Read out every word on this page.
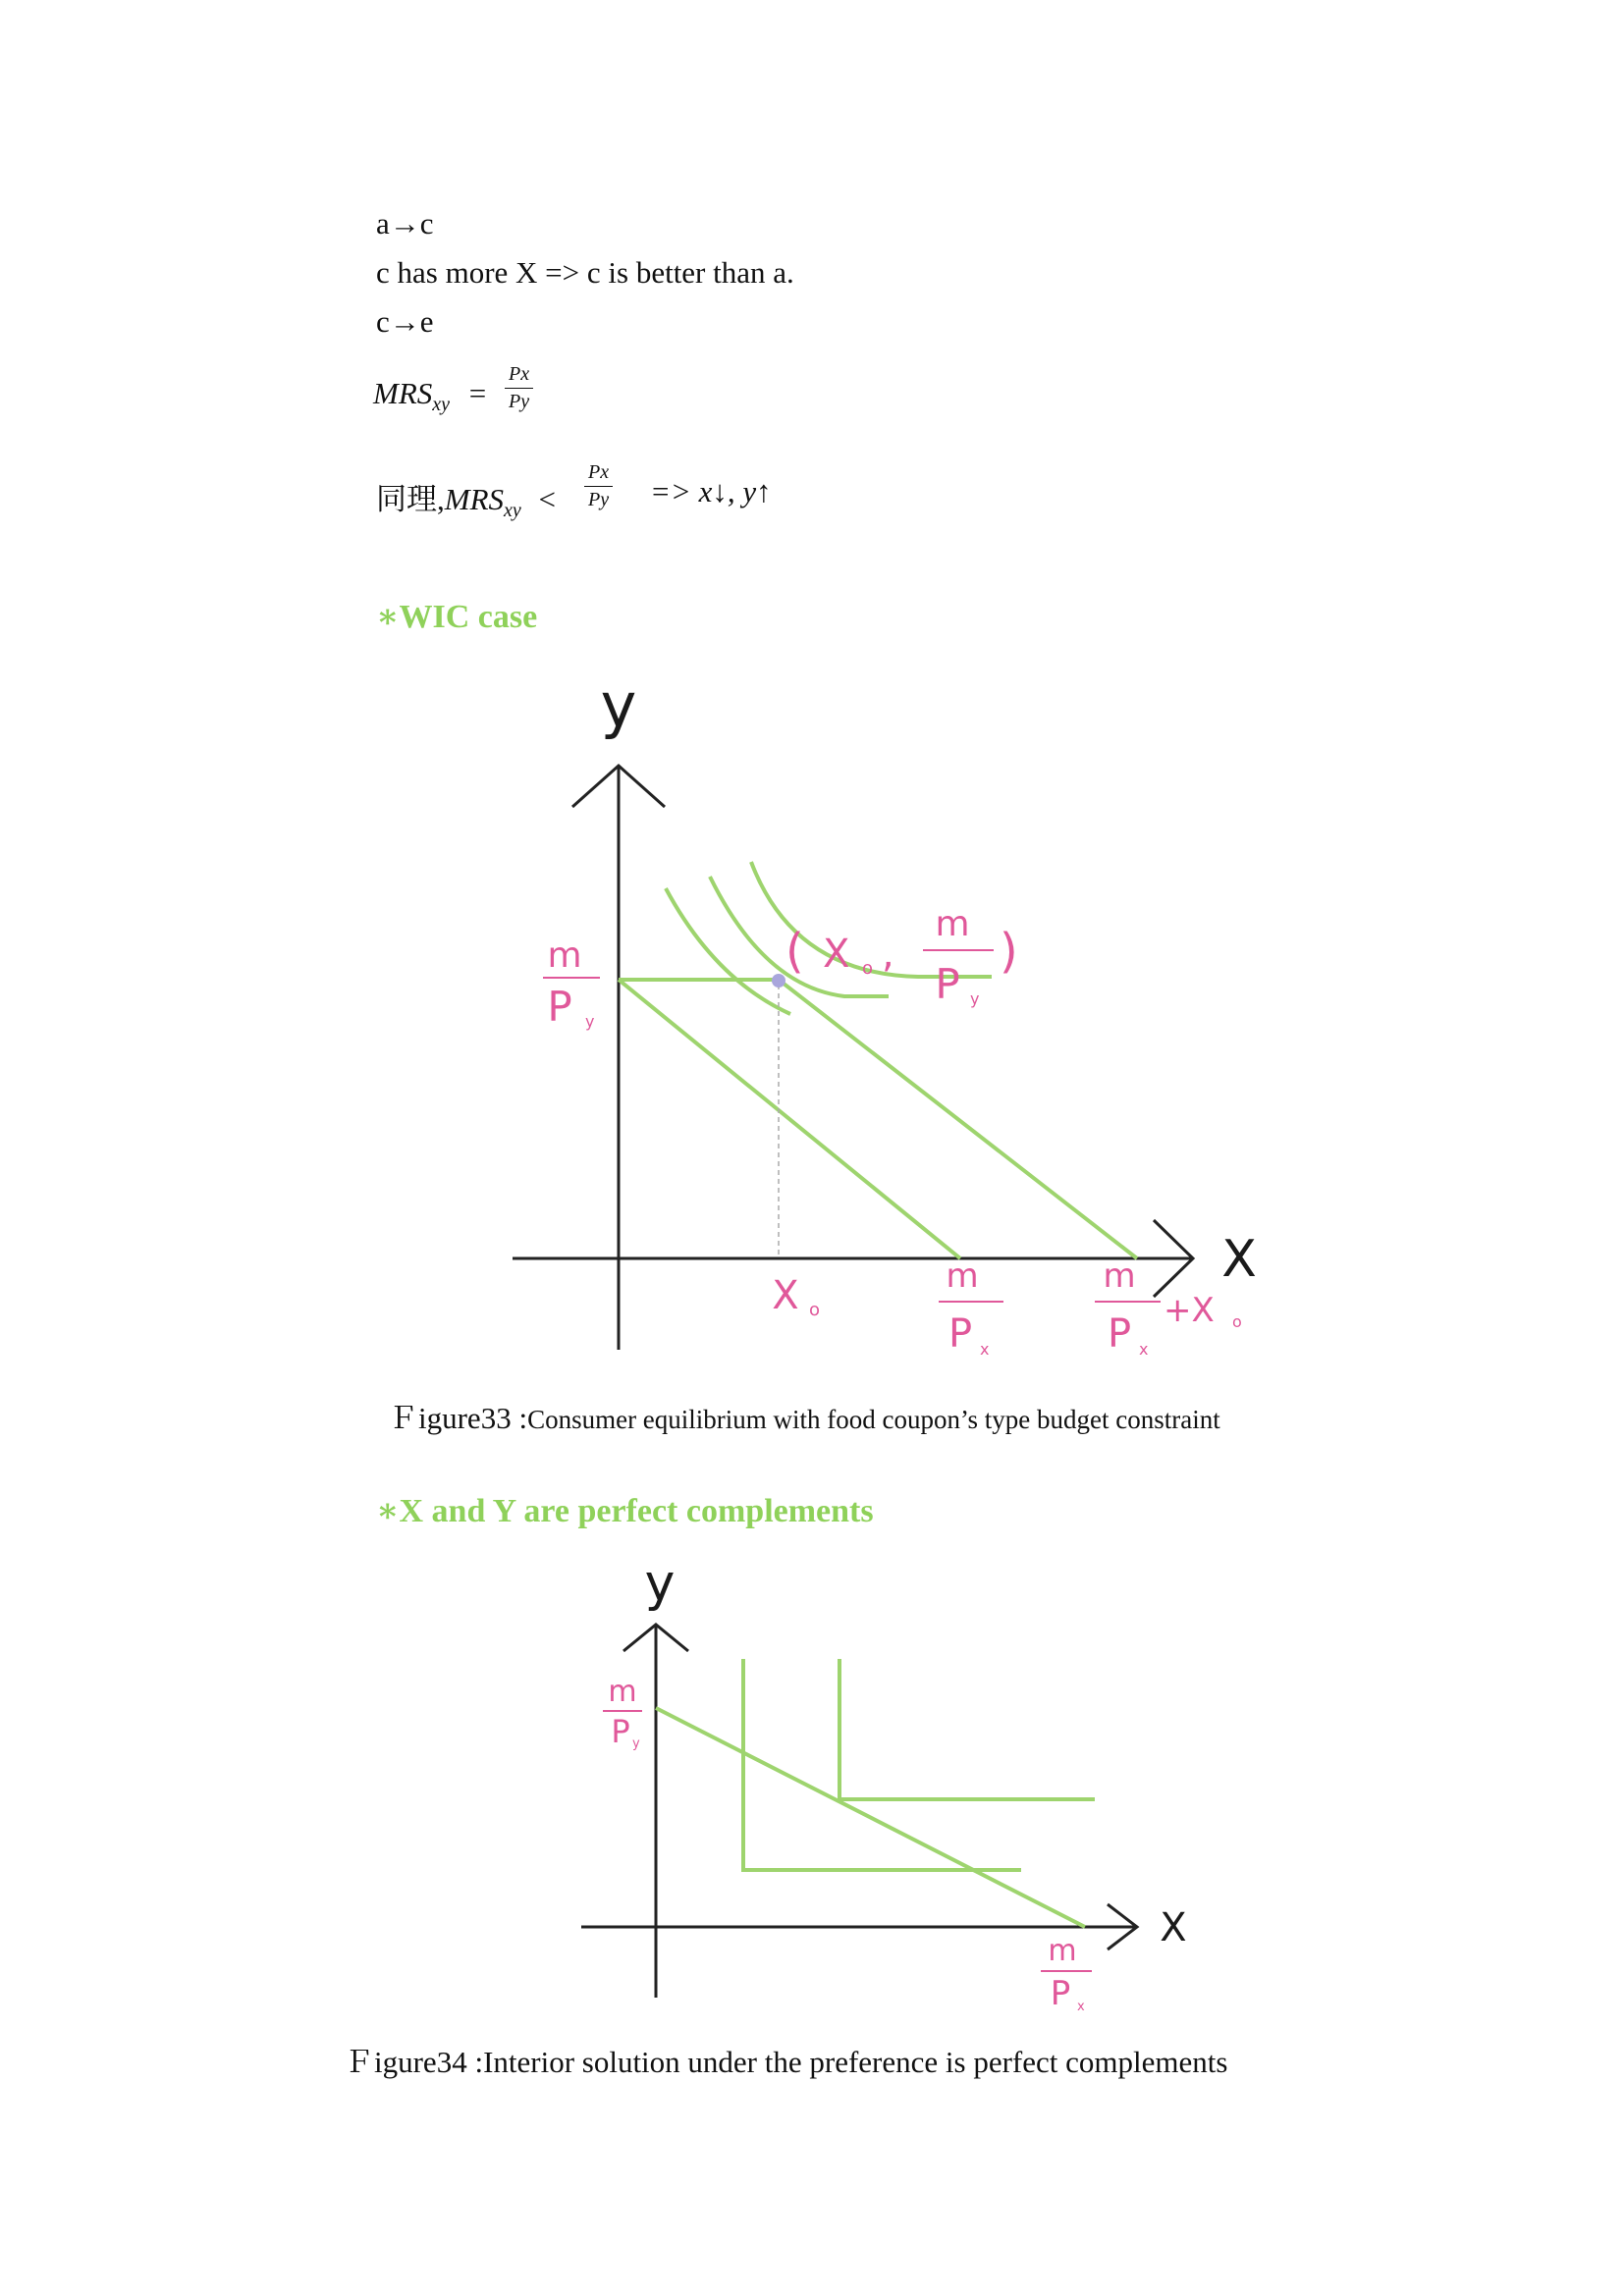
a→c
c has more X => c is better than a.
c→e
$MRS_{xy} = \frac{Px}{Py}$
同理$,MRS_{xy} < \frac{Px}{Py}$ => x↓, y↑
∗WIC case
∗X and Y are perfect complements
m
P y
( X o ,
m
P y
)
X o
m
P x
m
P x
+X o
y
X
m
P y
m
P x
y
X
Ｆigure33 :Consumer equilibrium with food coupon’s type budget constraint
Ｆigure34 :Interior solution under the preference is perfect complements
